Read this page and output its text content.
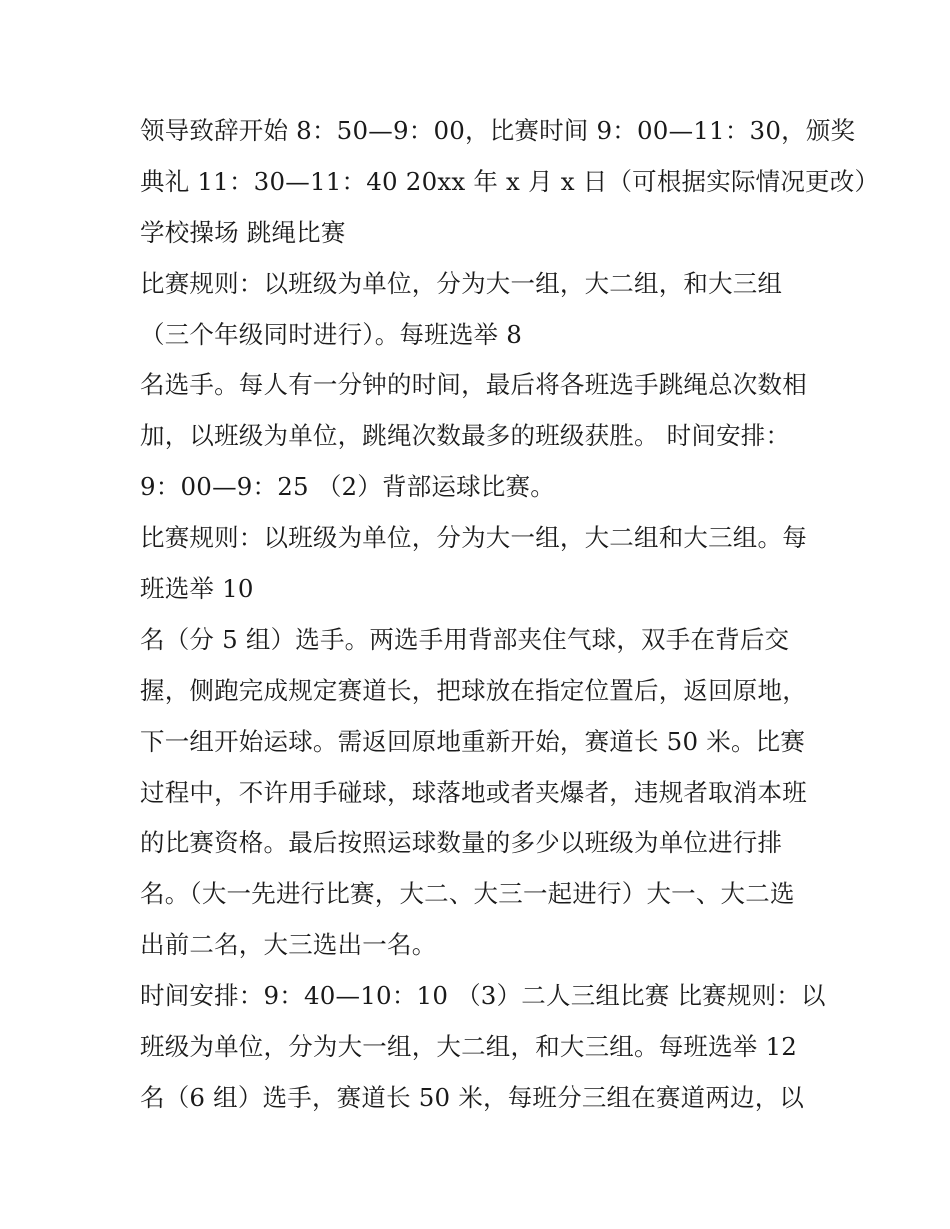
领导致辞开始 8：50—9：00，比赛时间 9：00—11：30，颁奖
典礼 11：30—11：40 20xx 年 x 月 x 日（可根据实际情况更改）
学校操场 跳绳比赛
比赛规则：以班级为单位，分为大一组，大二组，和大三组
（三个年级同时进行）。每班选举 8
名选手。每人有一分钟的时间，最后将各班选手跳绳总次数相
加，以班级为单位，跳绳次数最多的班级获胜。 时间安排：
9：00—9：25 （2）背部运球比赛。
比赛规则：以班级为单位，分为大一组，大二组和大三组。每
班选举 10
名（分 5 组）选手。两选手用背部夹住气球，双手在背后交
握，侧跑完成规定赛道长，把球放在指定位置后，返回原地，
下一组开始运球。需返回原地重新开始，赛道长 50 米。比赛
过程中，不许用手碰球，球落地或者夹爆者，违规者取消本班
的比赛资格。最后按照运球数量的多少以班级为单位进行排
名。（大一先进行比赛，大二、大三一起进行）大一、大二选
出前二名，大三选出一名。
时间安排：9：40—10：10 （3）二人三组比赛 比赛规则：以
班级为单位，分为大一组，大二组，和大三组。每班选举 12
名（6 组）选手，赛道长 50 米，每班分三组在赛道两边，以
